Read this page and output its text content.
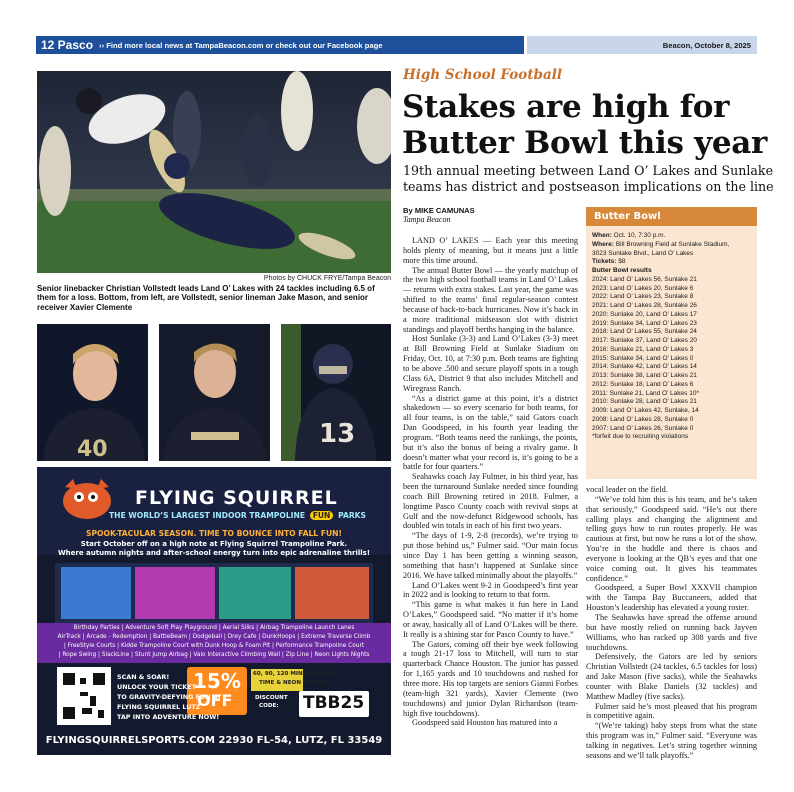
12 Pasco ›› Find more local news at TampaBeacon.com or check out our Facebook page	Beacon, October 8, 2025
Photos by CHUCK FRYE/Tampa Beacon
Senior linebacker Christian Vollstedt leads Land O’ Lakes with 24 tackles including 6.5 of them for a loss. Bottom, from left, are Vollstedt, senior lineman Jake Mason, and senior receiver Xavier Clemente
40
13
FLYING SQUIRREL
THE WORLD’S LARGEST INDOOR TRAMPOLINE FUN PARKS
SPOOK-TACULAR SEASON. TIME TO BOUNCE INTO FALL FUN!
Start October off on a high note at Flying Squirrel Trampoline Park.
Where autumn nights and after-school energy turn into epic adrenaline thrills!
Birthday Parties | Adventure Soft Play Playground | Aerial Silks | Airbag Trampoline Launch Lanes
AirTrack | Arcade - Redemption | BattleBeam | Dodgeball | Drey Cafe | DunkHoops | Extreme Traverse Climb
| FreeStyle Courts | Kidde Trampoline Court with Dunk Hoop & Foam Pit | Performance Trampoline Court
| Rope Swing | SlackLine | Stunt Jump Airbag | Valo Interactive Climbing Wall | Zip Line | Neon Lights Nights
SCAN & SOAR!
UNLOCK YOUR TICKET
TO GRAVITY-DEFYING FUN AT
FLYING SQUIRREL LUTZ
TAP INTO ADVENTURE NOW!
15%
OFF
60, 90, 120 MINUTE JUMP
TIME & NEON LIGHTS
DISCOUNT
CODE: TBB25
FLYINGSQUIRRELSPORTS.COM 22930 FL-54, LUTZ, FL 33549
High School Football
Stakes are high for
Butter Bowl this year
19th annual meeting between Land O’ Lakes and Sunlake
teams has district and postseason implications on the line
By MIKE CAMUNAS
Tampa Beacon

LAND O’ LAKES — Each year this meeting holds plenty of meaning, but it means just a little more this time around.

The annual Butter Bowl — the yearly matchup of the two high school football teams in Land O’ Lakes — returns with extra stakes. Last year, the game was shifted to the teams’ final regular-season contest because of back-to-back hurricanes. Now it’s back in a more traditional midseason slot with district standings and playoff berths hanging in the balance.

Host Sunlake (3-3) and Land O’Lakes (3-3) meet at Bill Browning Field at Sunlake Stadium on Friday, Oct. 10, at 7:30 p.m. Both teams are fighting to be above .500 and secure playoff spots in a tough Class 6A, District 9 that also includes Mitchell and Wiregrass Ranch.

“As a district game at this point, it’s a district shakedown — so every scenario for both teams, for all four teams, is on the table,” said Gators coach Dan Goodspeed, in his fourth year leading the program. “Both teams need the rankings, the points, but it’s also the bonus of being a rivalry game. It doesn’t matter what your record is, it’s going to be a battle for four quarters.”

Seahawks coach Jay Fulmer, in his third year, has been the turnaround Sunlake needed since founding coach Bill Browning retired in 2018. Fulmer, a longtime Pasco County coach with revival stops at Gulf and the now-defunct Ridgewood schools, has doubled win totals in each of his first two years.

“The days of 1-9, 2-8 (records), we’re trying to put those behind us,” Fulmer said. “Our main focus since Day 1 has been getting a winning season, something that hasn’t happened at Sunlake since 2016. We have talked minimally about the playoffs.”

Land O’Lakes went 9-2 in Goodspeed’s first year in 2022 and is looking to return to that form.

“This game is what makes it fun here in Land O’Lakes,” Goodspeed said. “No matter if it’s home or away, basically all of Land O’Lakes will be there. It really is a shining star for Pasco County to have.”

The Gators, coming off their bye week following a tough 21-17 loss to Mitchell, will turn to star quarterback Chance Houston. The junior has passed for 1,165 yards and 10 touchdowns and rushed for three more. His top targets are seniors Gianni Forbes (team-high 321 yards), Xavier Clemente (two touchdowns) and junior Dylan Richardson (team-high five touchdowns).

Goodspeed said Houston has matured into a

Butter Bowl
When: Oct. 10, 7:30 p.m.
Where: Bill Browning Field at Sunlake Stadium,
3023 Sunlake Blvd., Land O’ Lakes
Tickets: $8
Butter Bowl results
2024: Land O’ Lakes 56, Sunlake 21
2023: Land O’ Lakes 20, Sunlake 6
2022: Land O’ Lakes 23, Sunlake 8
2021: Land O’ Lakes 28, Sunlake 26
2020: Sunlake 20, Land O’ Lakes 17
2019: Sunlake 34, Land O’ Lakes 23
2018: Land O’ Lakes 55, Sunlake 24
2017: Sunlake 37, Land O’ Lakes 20
2016: Sunlake 21, Land O’ Lakes 3
2015: Sunlake 34, Land O’ Lakes 0
2014: Sunlake 42, Land O’ Lakes 14
2013: Sunlake 38, Land O’ Lakes 21
2012: Sunlake 18, Land O’ Lakes 6
2011: Sunlake 21, Land O’ Lakes 10*
2010: Sunlake 28, Land O’ Lakes 21
2009: Land O’ Lakes 42, Sunlake, 14
2008: Land O’ Lakes 28, Sunlake 0
2007: Land O’ Lakes 26, Sunlake 0
*forfeit due to recruiting violations

vocal leader on the field.

“We’ve told him this is his team, and he’s taken that seriously,” Goodspeed said. “He’s out there calling plays and changing the alignment and telling guys how to run routes properly. He was cautious at first, but now he runs a lot of the show. You’re in the huddle and there is chaos and everyone is looking at the QB’s eyes and that one voice coming out. It gives his teammates confidence.”

Goodspeed, a Super Bowl XXXVII champion with the Tampa Bay Buccaneers, added that Houston’s leadership has elevated a young roster.

The Seahawks have spread the offense around but have mostly relied on running back Jayven Williams, who has racked up 308 yards and five touchdowns.

Defensively, the Gators are led by seniors Christian Vollstedt (24 tackles, 6.5 tackles for loss) and Jake Mason (five sacks), while the Seahawks counter with Blake Daniels (32 tackles) and Matthew Madley (five sacks).

Fulmer said he’s most pleased that his program is competitive again.

“(We’re taking) baby steps from what the state this program was in,” Fulmer said. “Everyone was talking in negatives. Let’s string together winning seasons and we’ll talk playoffs.”
